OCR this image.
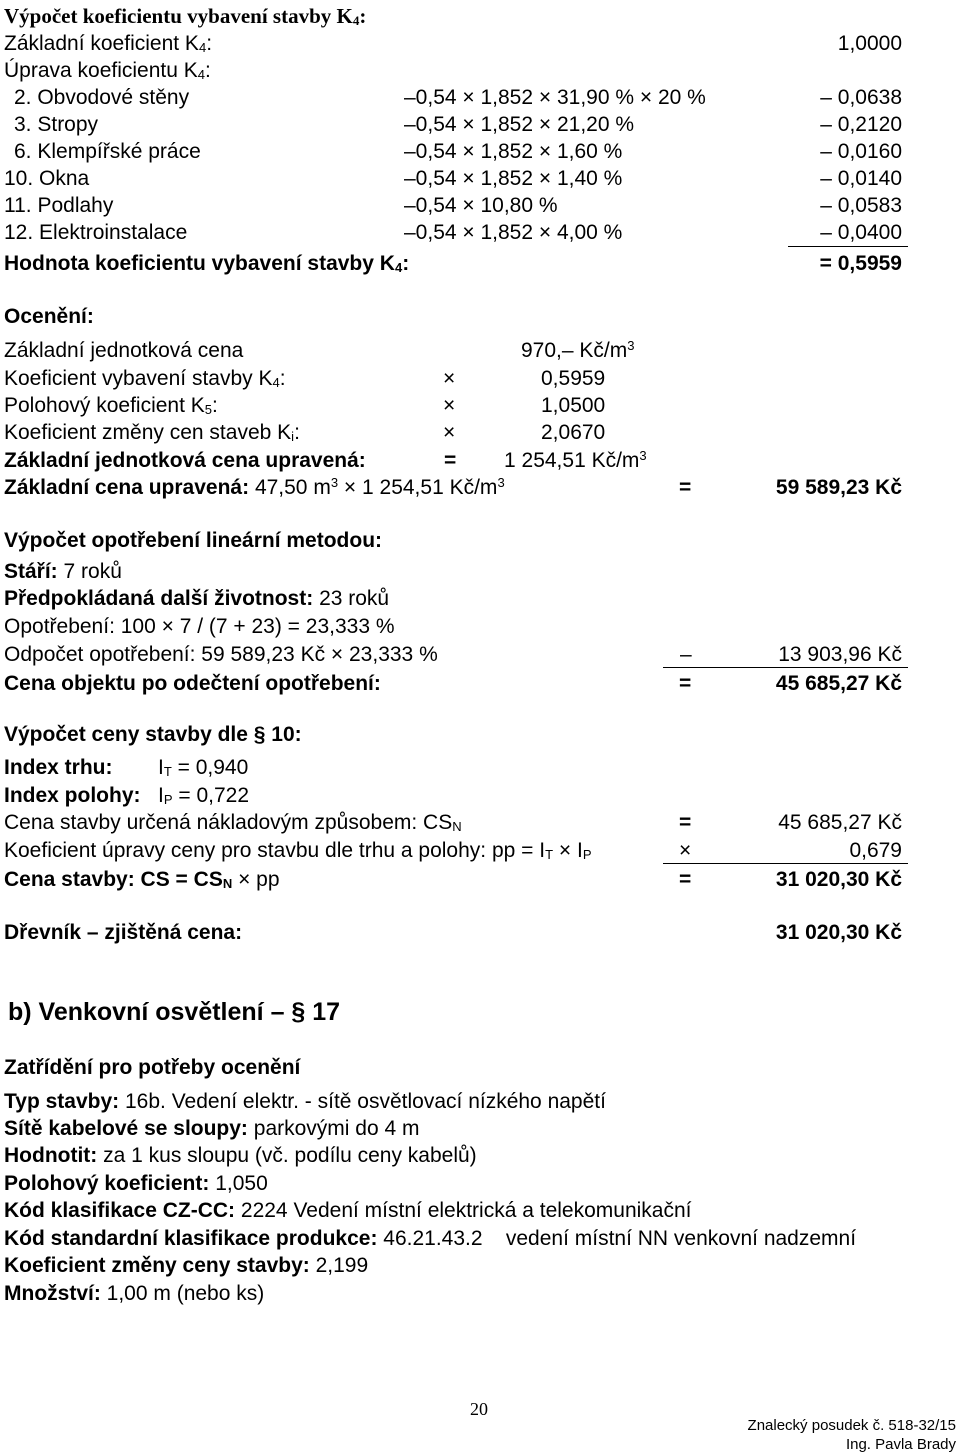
Výpočet koeficientu vybavení stavby $K_4$:
Základní koeficient $K_4$:	1,0000
Úprava koeficientu $K_4$:
2. Obvodové stěny	–0,54 × 1,852 × 31,90 % × 20 %	– 0,0638
3. Stropy	–0,54 × 1,852 × 21,20 %	– 0,2120
6. Klempířské práce	–0,54 × 1,852 × 1,60 %	– 0,0160
10. Okna	–0,54 × 1,852 × 1,40 %	– 0,0140
11. Podlahy	–0,54 × 10,80 %	– 0,0583
12. Elektroinstalace	–0,54 × 1,852 × 4,00 %	– 0,0400
Hodnota koeficientu vybavení stavby $K_4$:	= 0,5959
Ocenění:
Základní jednotková cena	970,– $Kč/m^3$
Koeficient vybavení stavby $K_4$:	×	0,5959
Polohový koeficient $K_5$:	×	1,0500
Koeficient změny cen staveb $K_i$:	×	2,0670
Základní jednotková cena upravená:	= 1 254,51 $Kč/m^3$
Základní cena upravená: 47,50 $m^3 \times 1$ 254,51 $Kč/m^3$	=	59 589,23 Kč
Výpočet opotřebení lineární metodou:
Stáří: 7 roků
Předpokládaná další životnost: 23 roků
Opotřebení: 100 × 7 / (7 + 23) = 23,333 %
Odpočet opotřebení: 59 589,23 Kč × 23,333 %	–	13 903,96 Kč
Cena objektu po odečtení opotřebení:	=	45 685,27 Kč
Výpočet ceny stavby dle § 10:
Index trhu: $I_T = 0,940$
Index polohy: $I_P = 0,722$
Cena stavby určená nákladovým způsobem: $CS_N$	=	45 685,27 Kč
Koeficient úpravy ceny pro stavbu dle trhu a polohy: pp = $I_T \times I_P$	×	0,679
Cena stavby: CS = $CS_N$ × pp	=	31 020,30 Kč
Dřevník – zjištěná cena:	31 020,30 Kč
b) Venkovní osvětlení – § 17
Zatřídění pro potřeby ocenění
Typ stavby: 16b. Vedení elektr. - sítě osvětlovací nízkého napětí
Sítě kabelové se sloupy: parkovými do 4 m
Hodnotit: za 1 kus sloupu (vč. podílu ceny kabelů)
Polohový koeficient: 1,050
Kód klasifikace CZ-CC: 2224 Vedení místní elektrická a telekomunikační
Kód standardní klasifikace produkce: 46.21.43.2    vedení místní NN venkovní nadzemní
Koeficient změny ceny stavby: 2,199
Množství: 1,00 m (nebo ks)
20
Znalecký posudek č. 518-32/15
Ing. Pavla Brady
